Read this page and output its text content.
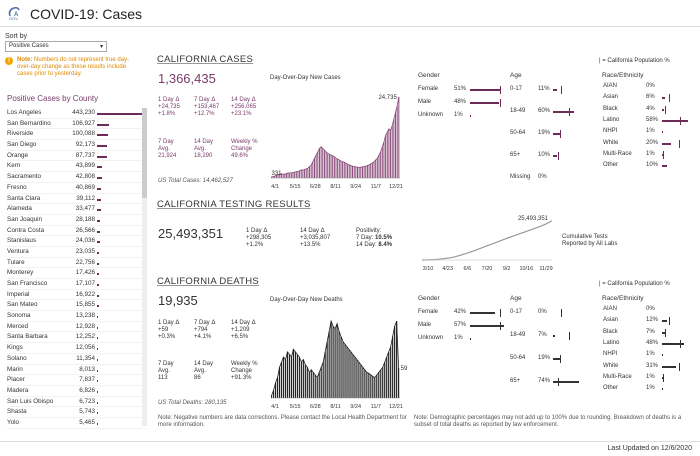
GOV
A COVID-19: Cases
Sort by
Positive Cases	▾
!	Note: Numbers do not represent true day-over-day change as these results include cases prior to yesterday.
Positive Cases by County
Los Angeles	443,230
San Bernardino	106,927
Riverside	100,088
San Diego	92,173
Orange	87,737
Kern	43,899
Sacramento	42,808
Fresno	40,869
Santa Clara	39,112
Alameda	33,477
San Joaquin	28,188
Contra Costa	26,566
Stanislaus	24,036
Ventura	23,035
Tulare	22,756
Monterey	17,426
San Francisco	17,107
Imperial	16,922
San Mateo	15,855
Sonoma	13,238
Merced	12,928
Santa Barbara	12,252
Kings	12,056
Solano	11,354
Marin	8,013
Placer	7,837
Madera	6,826
San Luis Obispo	6,723
Shasta	5,743
Yolo	5,465
CALIFORNIA CASES
1,366,435	Day-Over-Day New Cases
1 Day Δ
+24,735
+1.8%
7 Day Δ
+153,467
+12.7%
14 Day Δ
+256,065
+23.1%
7 Day
Avg.
21,924
14 Day
Avg.
18,290
Weekly %
Change
49.6%
US Total Cases: 14,462,527
4/1 5/15 6/28 8/11 9/24 11/7 12/21
331
24,735
| = California Population %
Gender	Age	Race/Ethnicity
Female	51%
Male	48%
Unknown 1%
0-17	11%
18-49 60%
50-64 19%
65+	10%
Missing 0%
AIAN	0%
Asian	6%
Black	4%
Latino	58%
NHPI	1%
White	20%
Multi-Race 1%
Other	10%
CALIFORNIA TESTING RESULTS
25,493,351	1 Day Δ
+298,305
+1.2%
14 Day Δ
+3,035,807
+13.5%
Positivity:
7 Day: 10.5%
14 Day: 8.4%
3/10 4/23 6/6 7/20 9/2 10/16 11/29
25,493,351
Cumulative Tests
Reported by All Labs
CALIFORNIA DEATHS
19,935	Day-Over-Day New Deaths
1 Day Δ
+59
+0.3%
7 Day Δ
+794
+4.1%
14 Day Δ
+1,209
+6.5%
7 Day
Avg.
113
14 Day
Avg.
86
Weekly %
Change
+91.3%
US Total Deaths: 280,135
4/1 5/15 6/28 8/11 9/24 11/7 12/21
59
| = California Population %
Gender	Age	Race/Ethnicity
Female	42%
Male	57%
Unknown 1%
0-17	0%
18-49 7%
50-64 19%
65+	74%
AIAN	0%
Asian	12%
Black	7%
Latino	48%
NHPI	1%
White	31%
Multi-Race 1%
Other	1%
Note: Negative numbers are data corrections. Please contact the Local Health Department for more information.
Note: Demographic percentages may not add up to 100% due to rounding. Breakdown of deaths is a subset of total deaths as reported by law enforcement.
Last Updated on 12/6/2020
